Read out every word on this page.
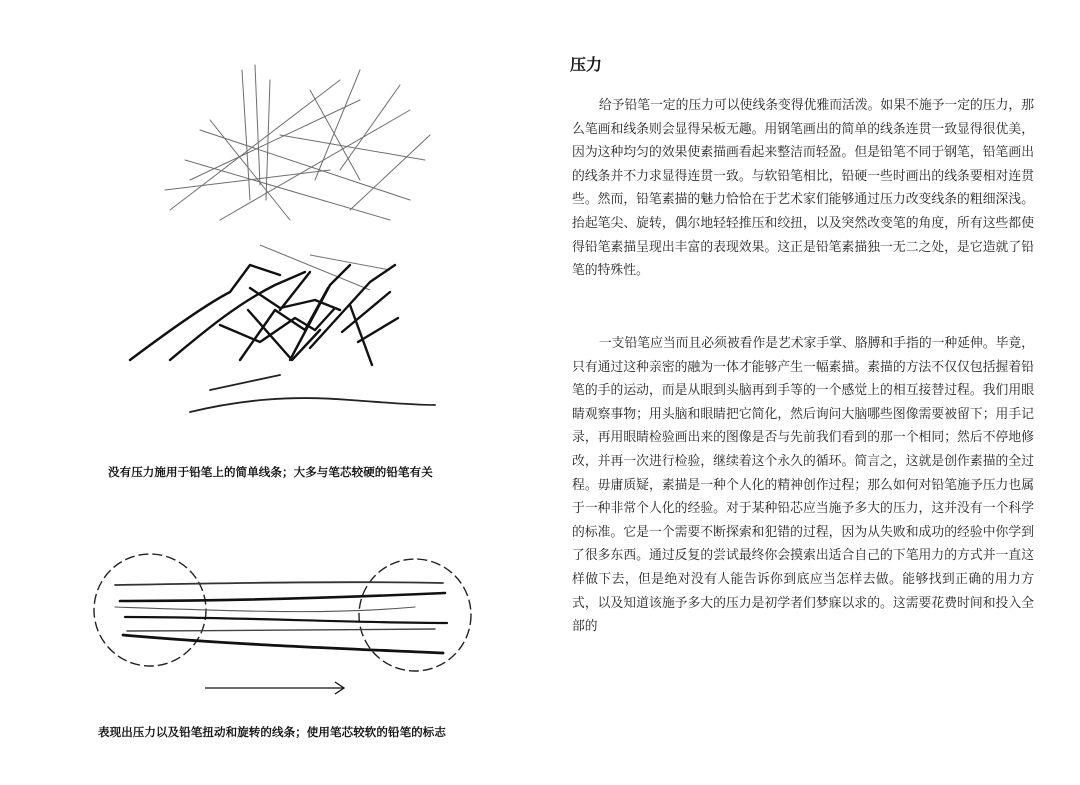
没有压力施用于铅笔上的简单线条；大多与笔芯较硬的铅笔有关
表现出压力以及铅笔扭动和旋转的线条；使用笔芯较软的铅笔的标志
压力

给予铅笔一定的压力可以使线条变得优雅而活泼。如果不施予一定的压力，那么笔画和线条则会显得呆板无趣。用钢笔画出的简单的线条连贯一致显得很优美，因为这种均匀的效果使素描画看起来整洁而轻盈。但是铅笔不同于钢笔，铅笔画出的线条并不力求显得连贯一致。与软铅笔相比，铅硬一些时画出的线条要相对连贯些。然而，铅笔素描的魅力恰恰在于艺术家们能够通过压力改变线条的粗细深浅。抬起笔尖、旋转，偶尔地轻轻推压和绞扭，以及突然改变笔的角度，所有这些都使得铅笔素描呈现出丰富的表现效果。这正是铅笔素描独一无二之处，是它造就了铅笔的特殊性。

一支铅笔应当而且必须被看作是艺术家手掌、胳膊和手指的一种延伸。毕竟，只有通过这种亲密的融为一体才能够产生一幅素描。素描的方法不仅仅包括握着铅笔的手的运动，而是从眼到头脑再到手等的一个感觉上的相互接替过程。我们用眼睛观察事物；用头脑和眼睛把它简化，然后询问大脑哪些图像需要被留下；用手记录，再用眼睛检验画出来的图像是否与先前我们看到的那一个相同；然后不停地修改，并再一次进行检验，继续着这个永久的循环。简言之，这就是创作素描的全过程。毋庸质疑，素描是一种个人化的精神创作过程；那么如何对铅笔施予压力也属于一种非常个人化的经验。对于某种铅芯应当施予多大的压力，这并没有一个科学的标准。它是一个需要不断探索和犯错的过程，因为从失败和成功的经验中你学到了很多东西。通过反复的尝试最终你会摸索出适合自己的下笔用力的方式并一直这样做下去，但是绝对没有人能告诉你到底应当怎样去做。能够找到正确的用力方式，以及知道该施予多大的压力是初学者们梦寐以求的。这需要花费时间和投入全部的
